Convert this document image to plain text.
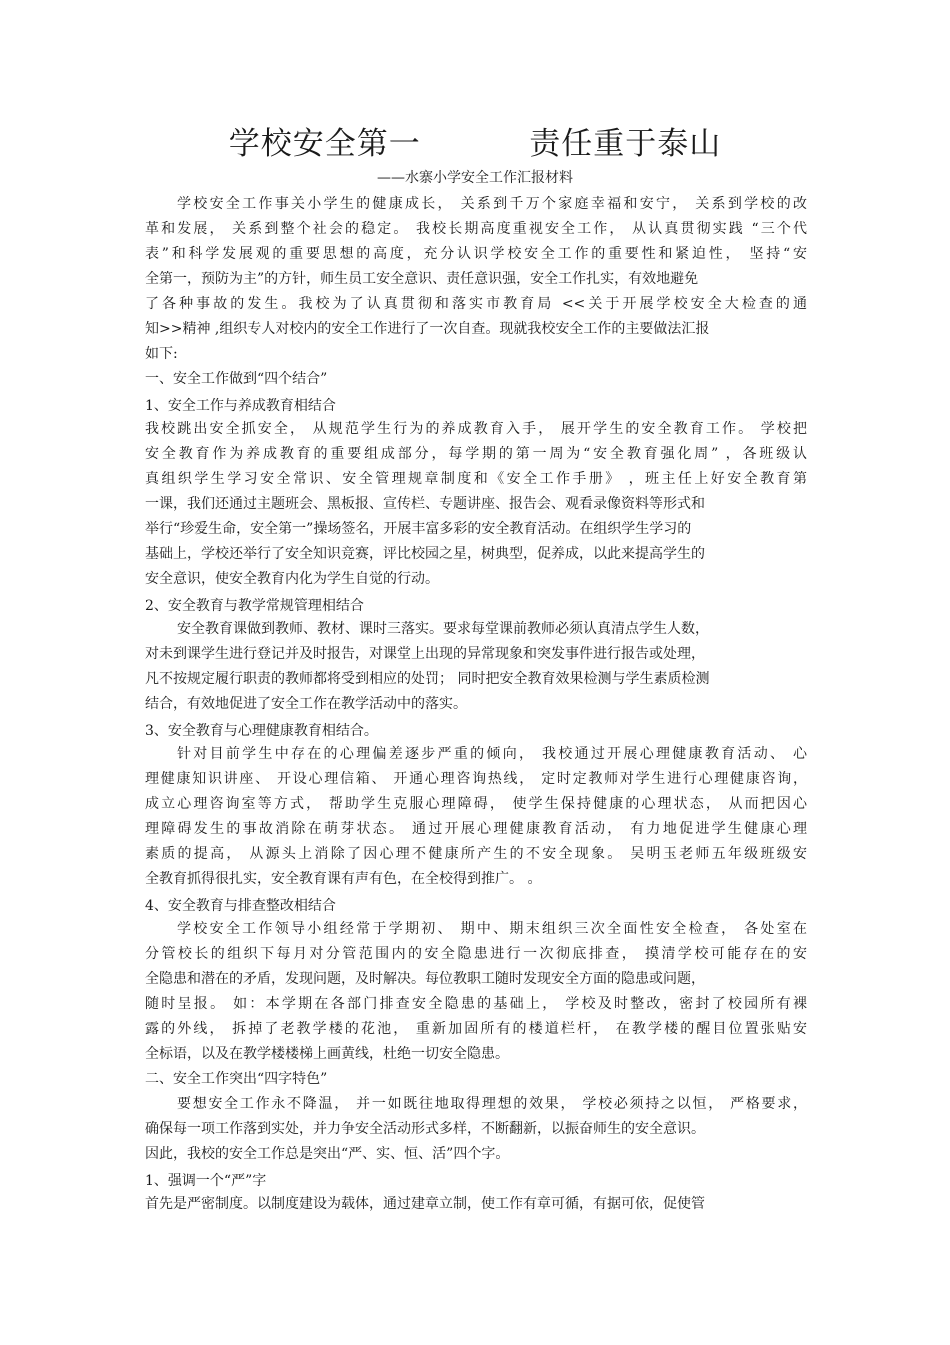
学校安全第一          责任重于泰山
——水寨小学安全工作汇报材料
学校安全工作事关小学生的健康成长， 关系到千万个家庭幸福和安宁， 关系到学校的改
革和发展， 关系到整个社会的稳定。 我校长期高度重视安全工作， 从认真贯彻实践 “三个代
表”和科学发展观的重要思想的高度，充分认识学校安全工作的重要性和紧迫性， 坚持“安
全第一，预防为主”的方针，师生员工安全意识、责任意识强，安全工作扎实，有效地避免
了各种事故的发生。我校为了认真贯彻和落实市教育局 <<关于开展学校安全大检查的通
知>>精神 ,组织专人对校内的安全工作进行了一次自查。现就我校安全工作的主要做法汇报
如下:
一、安全工作做到“四个结合”
1、安全工作与养成教育相结合
我校跳出安全抓安全， 从规范学生行为的养成教育入手， 展开学生的安全教育工作。 学校把
安全教育作为养成教育的重要组成部分，每学期的第一周为“安全教育强化周” ，各班级认
真组织学生学习安全常识、安全管理规章制度和《安全工作手册》 ，班主任上好安全教育第
一课，我们还通过主题班会、黑板报、宣传栏、专题讲座、报告会、观看录像资料等形式和
举行“珍爱生命，安全第一”操场签名，开展丰富多彩的安全教育活动。在组织学生学习的
基础上，学校还举行了安全知识竞赛，评比校园之星，树典型，促养成，以此来提高学生的
安全意识，使安全教育内化为学生自觉的行动。
2、安全教育与教学常规管理相结合
安全教育课做到教师、教材、课时三落实。要求每堂课前教师必须认真清点学生人数，
对未到课学生进行登记并及时报告，对课堂上出现的异常现象和突发事件进行报告或处理，
凡不按规定履行职责的教师都将受到相应的处罚； 同时把安全教育效果检测与学生素质检测
结合，有效地促进了安全工作在教学活动中的落实。
3、安全教育与心理健康教育相结合。
针对目前学生中存在的心理偏差逐步严重的倾向， 我校通过开展心理健康教育活动、 心
理健康知识讲座、 开设心理信箱、 开通心理咨询热线， 定时定教师对学生进行心理健康咨询，
成立心理咨询室等方式， 帮助学生克服心理障碍， 使学生保持健康的心理状态， 从而把因心
理障碍发生的事故消除在萌芽状态。 通过开展心理健康教育活动， 有力地促进学生健康心理
素质的提高， 从源头上消除了因心理不健康所产生的不安全现象。 吴明玉老师五年级班级安
全教育抓得很扎实，安全教育课有声有色，在全校得到推广。 。
4、安全教育与排查整改相结合
学校安全工作领导小组经常于学期初、 期中、期末组织三次全面性安全检查， 各处室在
分管校长的组织下每月对分管范围内的安全隐患进行一次彻底排查， 摸清学校可能存在的安
全隐患和潜在的矛盾，发现问题，及时解决。每位教职工随时发现安全方面的隐患或问题，
随时呈报。 如：本学期在各部门排查安全隐患的基础上， 学校及时整改，密封了校园所有裸
露的外线， 拆掉了老教学楼的花池， 重新加固所有的楼道栏杆， 在教学楼的醒目位置张贴安
全标语，以及在教学楼楼梯上画黄线，杜绝一切安全隐患。
二、安全工作突出“四字特色”
要想安全工作永不降温， 并一如既往地取得理想的效果， 学校必须持之以恒， 严格要求，
确保每一项工作落到实处，并力争安全活动形式多样，不断翻新，以振奋师生的安全意识。
因此，我校的安全工作总是突出“严、实、恒、活”四个字。
1、强调一个“严”字
首先是严密制度。以制度建设为载体，通过建章立制，使工作有章可循，有据可依，促使管
